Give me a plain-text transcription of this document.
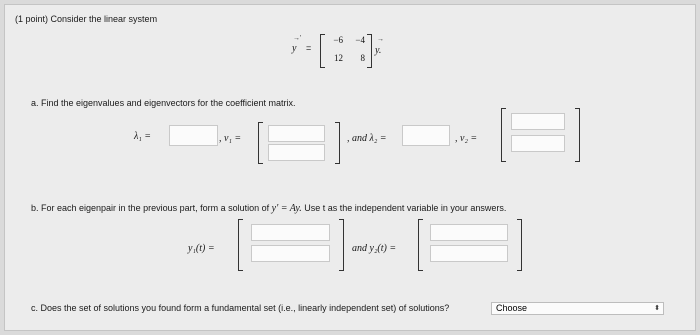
(1 point) Consider the linear system
→'
y =
−6	−4
12	8
→
y.
a. Find the eigenvalues and eigenvectors for the coefficient matrix.
λ₁ =	, v₁ =	, and λ₂ =	, v₂ =
b. For each eigenpair in the previous part, form a solution of y' = Ay. Use t as the independent variable in your answers.
y₁(t) =	and y₂(t) =
c. Does the set of solutions you found form a fundamental set (i.e., linearly independent set) of solutions?	Choose	⬍
